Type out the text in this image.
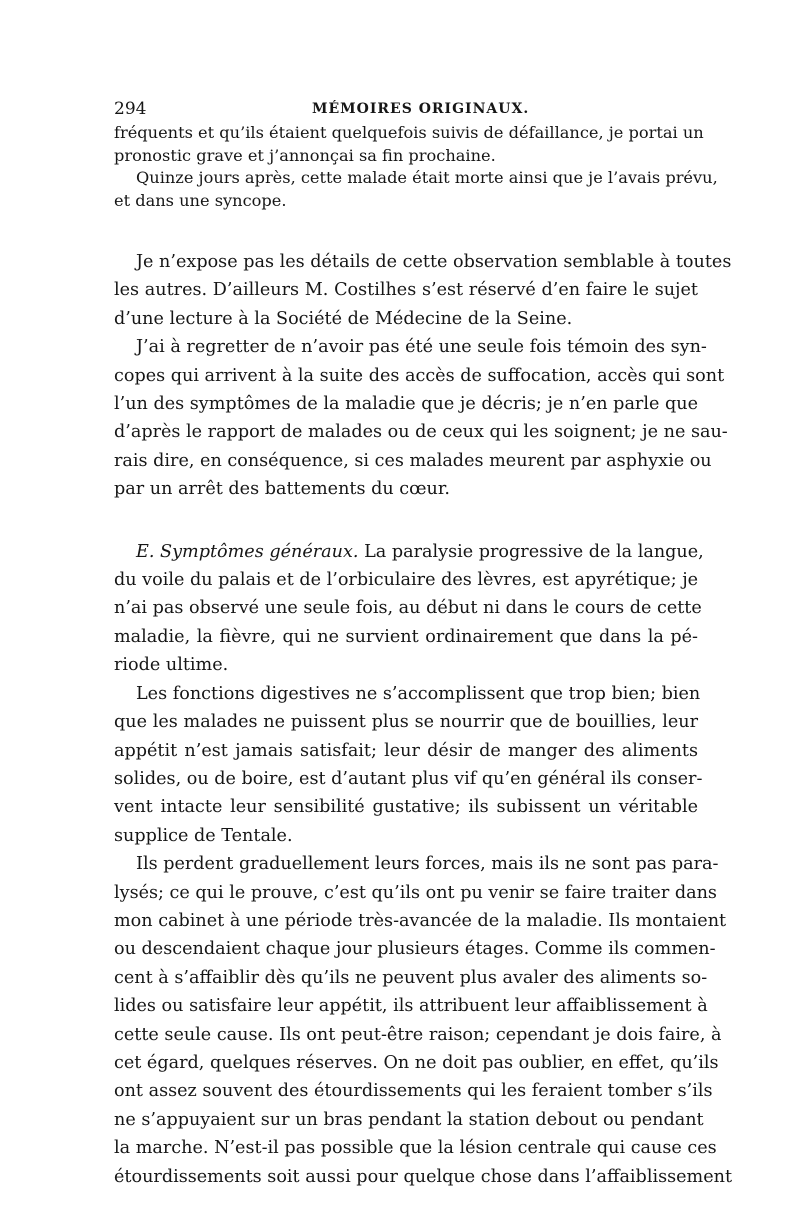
294	MÉMOIRES ORIGINAUX.

fréquents et qu’ils étaient quelquefois suivis de défaillance, je portai un
pronostic grave et j’annonçai sa fin prochaine.

Quinze jours après, cette malade était morte ainsi que je l’avais prévu,
et dans une syncope.

Je n’expose pas les détails de cette observation semblable à toutes
les autres. D’ailleurs M. Costilhes s’est réservé d’en faire le sujet
d’une lecture à la Société de Médecine de la Seine.

J’ai à regretter de n’avoir pas été une seule fois témoin des syn-
copes qui arrivent à la suite des accès de suffocation, accès qui sont
l’un des symptômes de la maladie que je décris; je n’en parle que
d’après le rapport de malades ou de ceux qui les soignent; je ne sau-
rais dire, en conséquence, si ces malades meurent par asphyxie ou
par un arrêt des battements du cœur.

E. Symptômes généraux. La paralysie progressive de la langue,
du voile du palais et de l’orbiculaire des lèvres, est apyrétique; je
n’ai pas observé une seule fois, au début ni dans le cours de cette
maladie, la fièvre, qui ne survient ordinairement que dans la pé-
riode ultime.

Les fonctions digestives ne s’accomplissent que trop bien; bien
que les malades ne puissent plus se nourrir que de bouillies, leur
appétit n’est jamais satisfait; leur désir de manger des aliments
solides, ou de boire, est d’autant plus vif qu’en général ils conser-
vent intacte leur sensibilité gustative; ils subissent un véritable
supplice de Tentale.

Ils perdent graduellement leurs forces, mais ils ne sont pas para-
lysés; ce qui le prouve, c’est qu’ils ont pu venir se faire traiter dans
mon cabinet à une période très-avancée de la maladie. Ils montaient
ou descendaient chaque jour plusieurs étages. Comme ils commen-
cent à s’affaiblir dès qu’ils ne peuvent plus avaler des aliments so-
lides ou satisfaire leur appétit, ils attribuent leur affaiblissement à
cette seule cause. Ils ont peut-être raison; cependant je dois faire, à
cet égard, quelques réserves. On ne doit pas oublier, en effet, qu’ils
ont assez souvent des étourdissements qui les feraient tomber s’ils
ne s’appuyaient sur un bras pendant la station debout ou pendant
la marche. N’est-il pas possible que la lésion centrale qui cause ces
étourdissements soit aussi pour quelque chose dans l’affaiblissement
